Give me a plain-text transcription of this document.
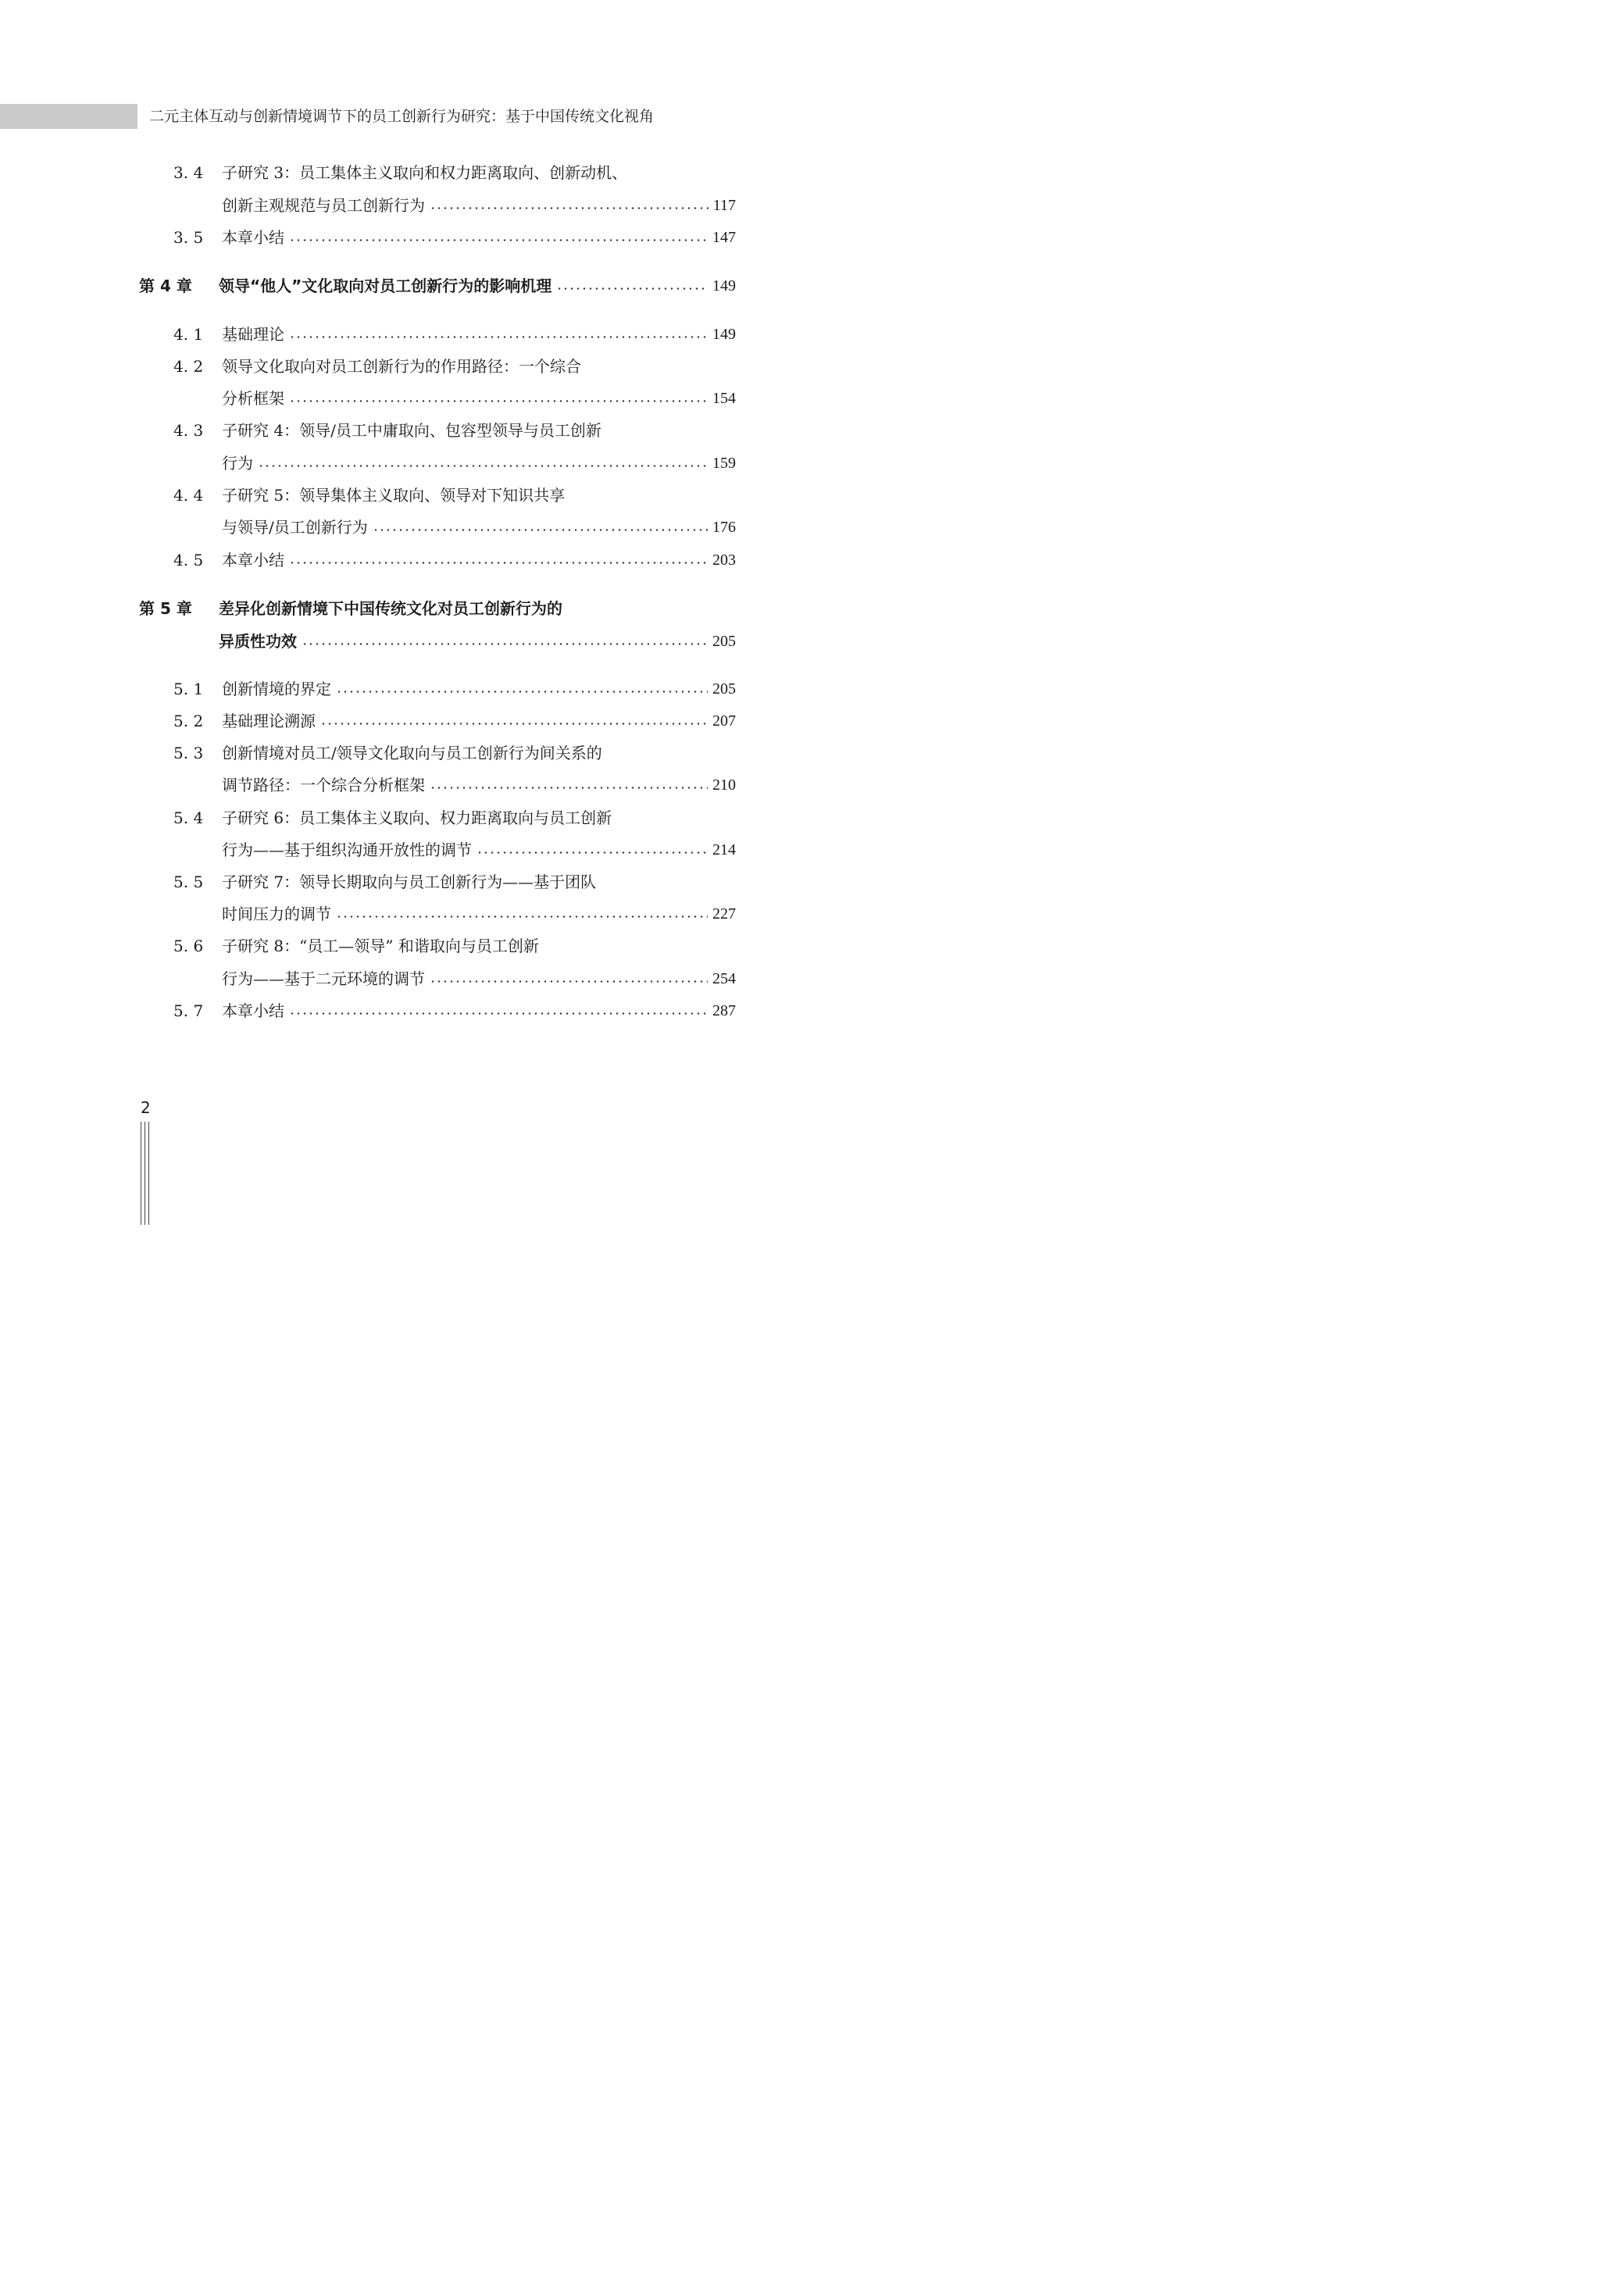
二元主体互动与创新情境调节下的员工创新行为研究：基于中国传统文化视角
3. 4	子研究 3：员工集体主义取向和权力距离取向、创新动机、
创新主观规范与员工创新行为	117
3. 5	本章小结	147
第 4 章	领导“他人”文化取向对员工创新行为的影响机理	149
4. 1	基础理论	149
4. 2	领导文化取向对员工创新行为的作用路径：一个综合
分析框架	154
4. 3	子研究 4：领导/员工中庸取向、包容型领导与员工创新
行为	159
4. 4	子研究 5：领导集体主义取向、领导对下知识共享
与领导/员工创新行为	176
4. 5	本章小结	203
第 5 章	差异化创新情境下中国传统文化对员工创新行为的
异质性功效	205
5. 1	创新情境的界定	205
5. 2	基础理论溯源	207
5. 3	创新情境对员工/领导文化取向与员工创新行为间关系的
调节路径：一个综合分析框架	210
5. 4	子研究 6：员工集体主义取向、权力距离取向与员工创新
行为——基于组织沟通开放性的调节	214
5. 5	子研究 7：领导长期取向与员工创新行为——基于团队
时间压力的调节	227
5. 6	子研究 8：“员工—领导” 和谐取向与员工创新
行为——基于二元环境的调节	254
5. 7	本章小结	287
2
